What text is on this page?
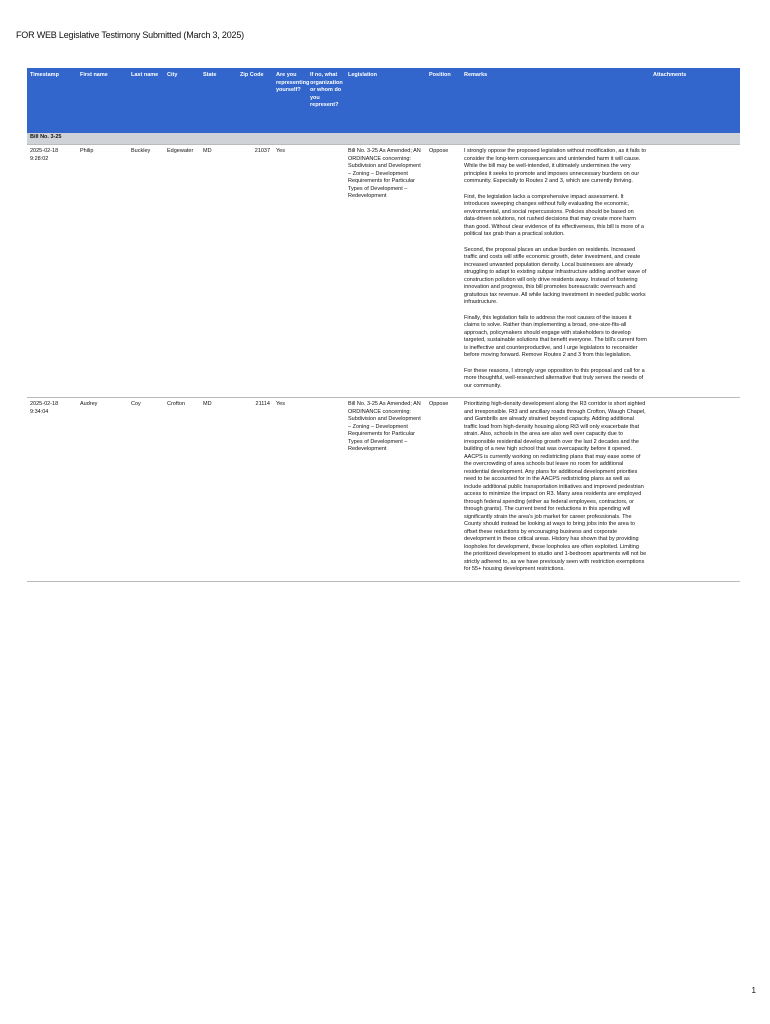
FOR WEB Legislative Testimony Submitted (March 3, 2025)
Timestamp	First name	Last name	City	State	Zip Code	Are you representing yourself?	If no, what organization or whom do you represent?	Legislation	Position	Remarks	Attachments
Bill No. 3-25											
2025-02-18 9:28:02	Philip	Buckley	Edgewater	MD	21037	Yes		Bill No. 3-25 As Amended; AN ORDINANCE concerning: Subdivision and Development – Zoning – Development Requirements for Particular Types of Development – Redevelopment	Oppose	I strongly oppose the proposed legislation without modification, as it fails to consider the long-term consequences and unintended harm it will cause. While the bill may be well-intended, it ultimately undermines the very principles it seeks to promote and imposes unnecessary burdens on our community. Especially to Routes 2 and 3, which are currently thriving.

First, the legislation lacks a comprehensive impact assessment. It introduces sweeping changes without fully evaluating the economic, environmental, and social repercussions. Policies should be based on data-driven solutions, not rushed decisions that may create more harm than good. Without clear evidence of its effectiveness, this bill is more of a political tax grab than a practical solution.

Second, the proposal places an undue burden on residents. Increased traffic and costs will stifle economic growth, deter investment, and create increased unwanted population density. Local businesses are already struggling to adapt to existing subpar infrastructure adding another wave of construction pollution will only drive residents away. Instead of fostering innovation and progress, this bill promotes bureaucratic overreach and gratuitous tax revenue. All while lacking investment in needed public works infrastructure.

Finally, this legislation fails to address the root causes of the issues it claims to solve. Rather than implementing a broad, one-size-fits-all approach, policymakers should engage with stakeholders to develop targeted, sustainable solutions that benefit everyone. The bill's current form is ineffective and counterproductive, and I urge legislators to reconsider before moving forward. Remove Routes 2 and 3 from this legislation.

For these reasons, I strongly urge opposition to this proposal and call for a more thoughtful, well-researched alternative that truly serves the needs of our community.	

2025-02-18 9:34:04	Audrey	Coy	Crofton	MD	21114	Yes		Bill No. 3-25 As Amended; AN ORDINANCE concerning: Subdivision and Development – Zoning – Development Requirements for Particular Types of Development – Redevelopment	Oppose	Prioritizing high-density development along the R3 corridor is short sighted and irresponsible. Rt3 and ancillary roads through Crofton, Waugh Chapel, and Gambrills are already strained beyond capacity. Adding additional traffic load from high-density housing along Rt3 will only exacerbate that strain. Also, schools in the area are also well over capacity due to irresponsible residential develop growth over the last 2 decades and the building of a new high school that was overcapacity before it opened. AACPS is currently working on redistricting plans that may ease some of the overcrowding of area schools but leave no room for additional residential development. Any plans for additional development priorities need to be accounted for in the AACPS redistricting plans as well as include additional public transportation initiatives and improved pedestrian access to minimize the impact on R3. Many area residents are employed through federal spending (either as federal employees, contractors, or through grants). The current trend for reductions in this spending will significantly strain the area's job market for career professionals. The County should instead be looking at ways to bring jobs into the area to offset these reductions by encouraging business and corporate development in these critical areas. History has shown that by providing loopholes for development, these loopholes are often exploited. Limiting the prioritized development to studio and 1-bedroom apartments will not be strictly adhered to, as we have previously seen with restriction exemptions for 55+ housing development restrictions.	

1
